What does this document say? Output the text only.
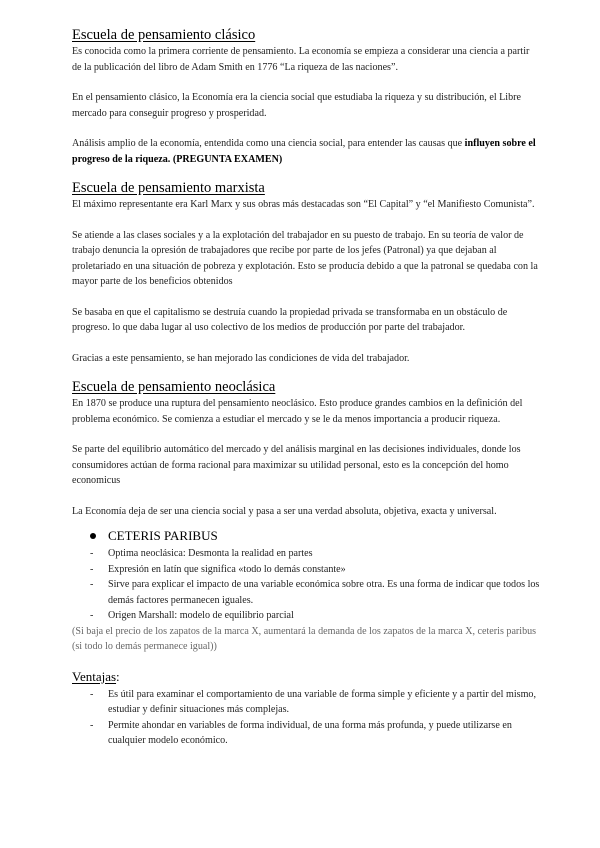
Escuela de pensamiento clásico

Es conocida como la primera corriente de pensamiento. La economía se empieza a considerar una ciencia a partir de la publicación del libro de Adam Smith en 1776 “La riqueza de las naciones”.

En el pensamiento clásico, la Economía era la ciencia social que estudiaba la riqueza y su distribución, el Libre mercado para conseguir progreso y prosperidad.

Análisis amplio de la economía, entendida como una ciencia social, para entender las causas que influyen sobre el progreso de la riqueza. (PREGUNTA EXAMEN)

Escuela de pensamiento marxista

El máximo representante era Karl Marx y sus obras más destacadas son “El Capital” y “el Manifiesto Comunista”.

Se atiende a las clases sociales y a la explotación del trabajador en su puesto de trabajo. En su teoría de valor de trabajo denuncia la opresión de trabajadores que recibe por parte de los jefes (Patronal) ya que dejaban al proletariado en una situación de pobreza y explotación. Esto se producía debido a que la patronal se quedaba con la mayor parte de los beneficios obtenidos

Se basaba en que el capitalismo se destruía cuando la propiedad privada se transformaba en un obstáculo de progreso. lo que daba lugar al uso colectivo de los medios de producción por parte del trabajador.

Gracias a este pensamiento, se han mejorado las condiciones de vida del trabajador.

Escuela de pensamiento neoclásica

En 1870 se produce una ruptura del pensamiento neoclásico. Esto produce grandes cambios en la definición del problema económico. Se comienza a estudiar el mercado y se le da menos importancia a producir riqueza.

Se parte del equilibrio automático del mercado y del análisis marginal en las decisiones individuales, donde los consumidores actúan de forma racional para maximizar su utilidad personal, esto es la concepción del homo economicus

La Economía deja de ser una ciencia social y pasa a ser una verdad absoluta, objetiva, exacta y universal.

CETERIS PARIBUS
- Optima neoclásica: Desmonta la realidad en partes
- Expresión en latín que significa «todo lo demás constante»
- Sirve para explicar el impacto de una variable económica sobre otra. Es una forma de indicar que todos los demás factores permanecen iguales.
- Origen Marshall: modelo de equilibrio parcial

(Si baja el precio de los zapatos de la marca X, aumentará la demanda de los zapatos de la marca X, ceteris paribus (si todo lo demás permanece igual))

Ventajas:
- Es útil para examinar el comportamiento de una variable de forma simple y eficiente y a partir del mismo, estudiar y definir situaciones más complejas.
- Permite ahondar en variables de forma individual, de una forma más profunda, y puede utilizarse en cualquier modelo económico.
